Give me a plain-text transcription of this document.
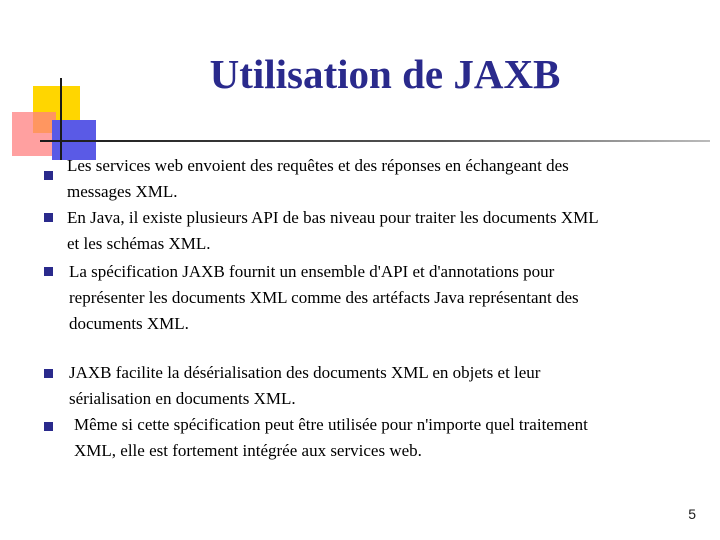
Utilisation de JAXB
Les services web envoient des requêtes et des réponses en échangeant des
messages XML.
En Java, il existe plusieurs API de bas niveau pour traiter les documents XML
et les schémas XML.
La spécification JAXB fournit un ensemble d'API et d'annotations pour
représenter les documents XML comme des artéfacts Java représentant des
documents XML.
JAXB facilite la désérialisation des documents XML en objets et leur
sérialisation en documents XML.
Même si cette spécification peut être utilisée pour n'importe quel traitement
XML, elle est fortement intégrée aux services web.
5
